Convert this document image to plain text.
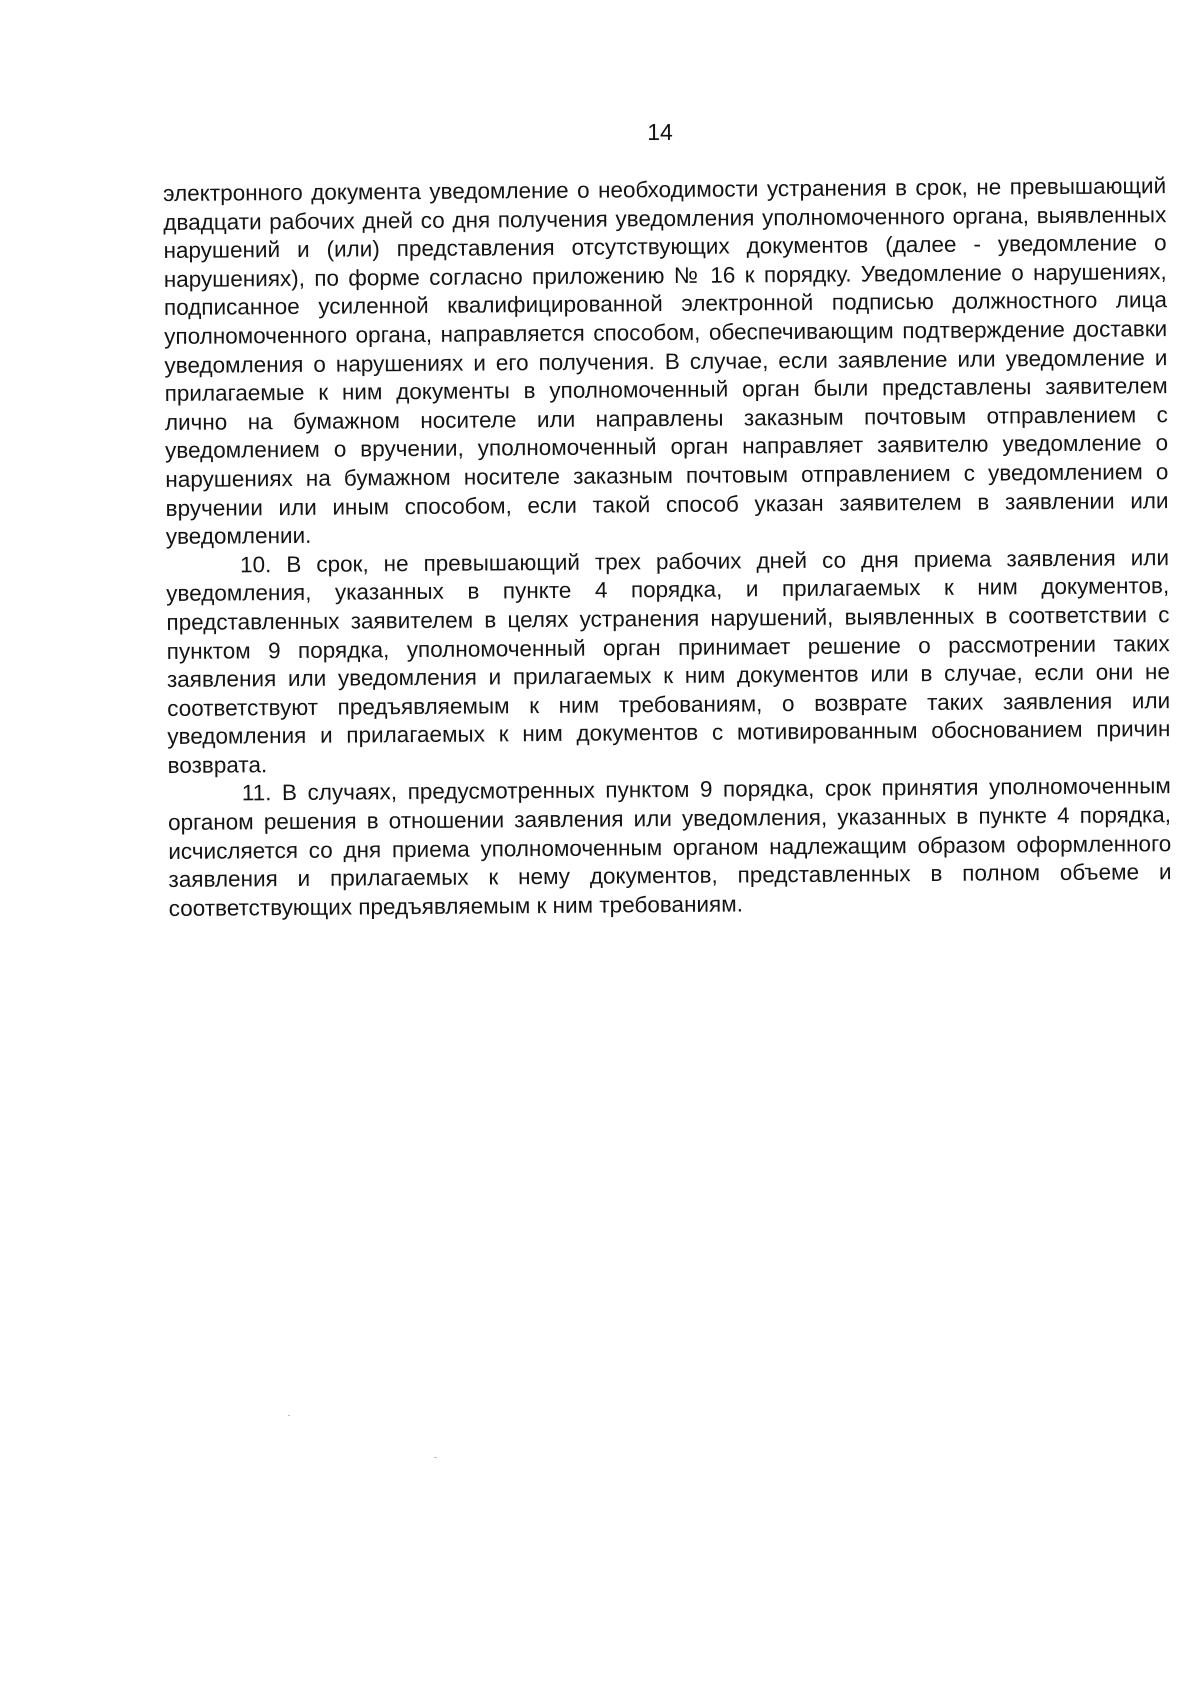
14

электронного документа уведомление о необходимости устранения в срок, не превышающий двадцати рабочих дней со дня получения уведомления уполномоченного органа, выявленных нарушений и (или) представления отсутствующих документов (далее - уведомление о нарушениях), по форме согласно приложению № 16 к порядку. Уведомление о нарушениях, подписанное усиленной квалифицированной электронной подписью должностного лица уполномоченного органа, направляется способом, обеспечивающим подтверждение доставки уведомления о нарушениях и его получения. В случае, если заявление или уведомление и прилагаемые к ним документы в уполномоченный орган были представлены заявителем лично на бумажном носителе или направлены заказным почтовым отправлением с уведомлением о вручении, уполномоченный орган направляет заявителю уведомление о нарушениях на бумажном носителе заказным почтовым отправлением с уведомлением о вручении или иным способом, если такой способ указан заявителем в заявлении или уведомлении.

10. В срок, не превышающий трех рабочих дней со дня приема заявления или уведомления, указанных в пункте 4 порядка, и прилагаемых к ним документов, представленных заявителем в целях устранения нарушений, выявленных в соответствии с пунктом 9 порядка, уполномоченный орган принимает решение о рассмотрении таких заявления или уведомления и прилагаемых к ним документов или в случае, если они не соответствуют предъявляемым к ним требованиям, о возврате таких заявления или уведомления и прилагаемых к ним документов с мотивированным обоснованием причин возврата.

11. В случаях, предусмотренных пунктом 9 порядка, срок принятия уполномоченным органом решения в отношении заявления или уведомления, указанных в пункте 4 порядка, исчисляется со дня приема уполномоченным органом надлежащим образом оформленного заявления и прилагаемых к нему документов, представленных в полном объеме и соответствующих предъявляемым к ним требованиям.
